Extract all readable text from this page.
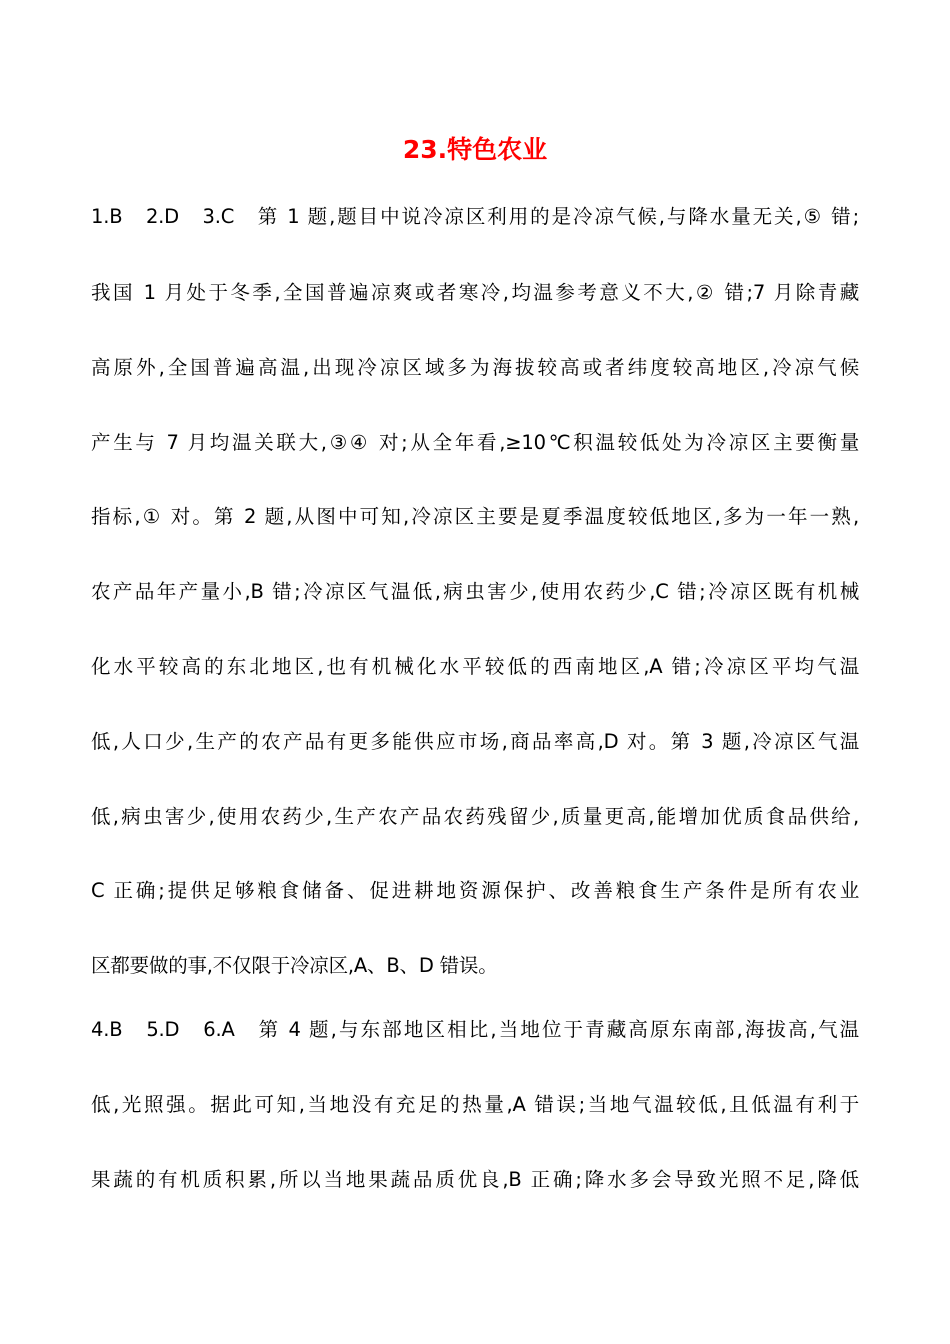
23.特色农业
1.B　2.D　3.C　第 1 题,题目中说冷凉区利用的是冷凉气候,与降水量无关,⑤ 错;
我国 1 月处于冬季,全国普遍凉爽或者寒冷,均温参考意义不大,② 错;7 月除青藏
高原外,全国普遍高温,出现冷凉区域多为海拔较高或者纬度较高地区,冷凉气候
产生与 7 月均温关联大,③④ 对;从全年看,≥10℃积温较低处为冷凉区主要衡量
指标,① 对。第 2 题,从图中可知,冷凉区主要是夏季温度较低地区,多为一年一熟,
农产品年产量小,B 错;冷凉区气温低,病虫害少,使用农药少,C 错;冷凉区既有机械
化水平较高的东北地区,也有机械化水平较低的西南地区,A 错;冷凉区平均气温
低,人口少,生产的农产品有更多能供应市场,商品率高,D 对。第 3 题,冷凉区气温
低,病虫害少,使用农药少,生产农产品农药残留少,质量更高,能增加优质食品供给,
C 正确;提供足够粮食储备、促进耕地资源保护、改善粮食生产条件是所有农业
区都要做的事,不仅限于冷凉区,A、B、D 错误。
4.B　5.D　6.A　第 4 题,与东部地区相比,当地位于青藏高原东南部,海拔高,气温
低,光照强。据此可知,当地没有充足的热量,A 错误;当地气温较低,且低温有利于
果蔬的有机质积累,所以当地果蔬品质优良,B 正确;降水多会导致光照不足,降低
